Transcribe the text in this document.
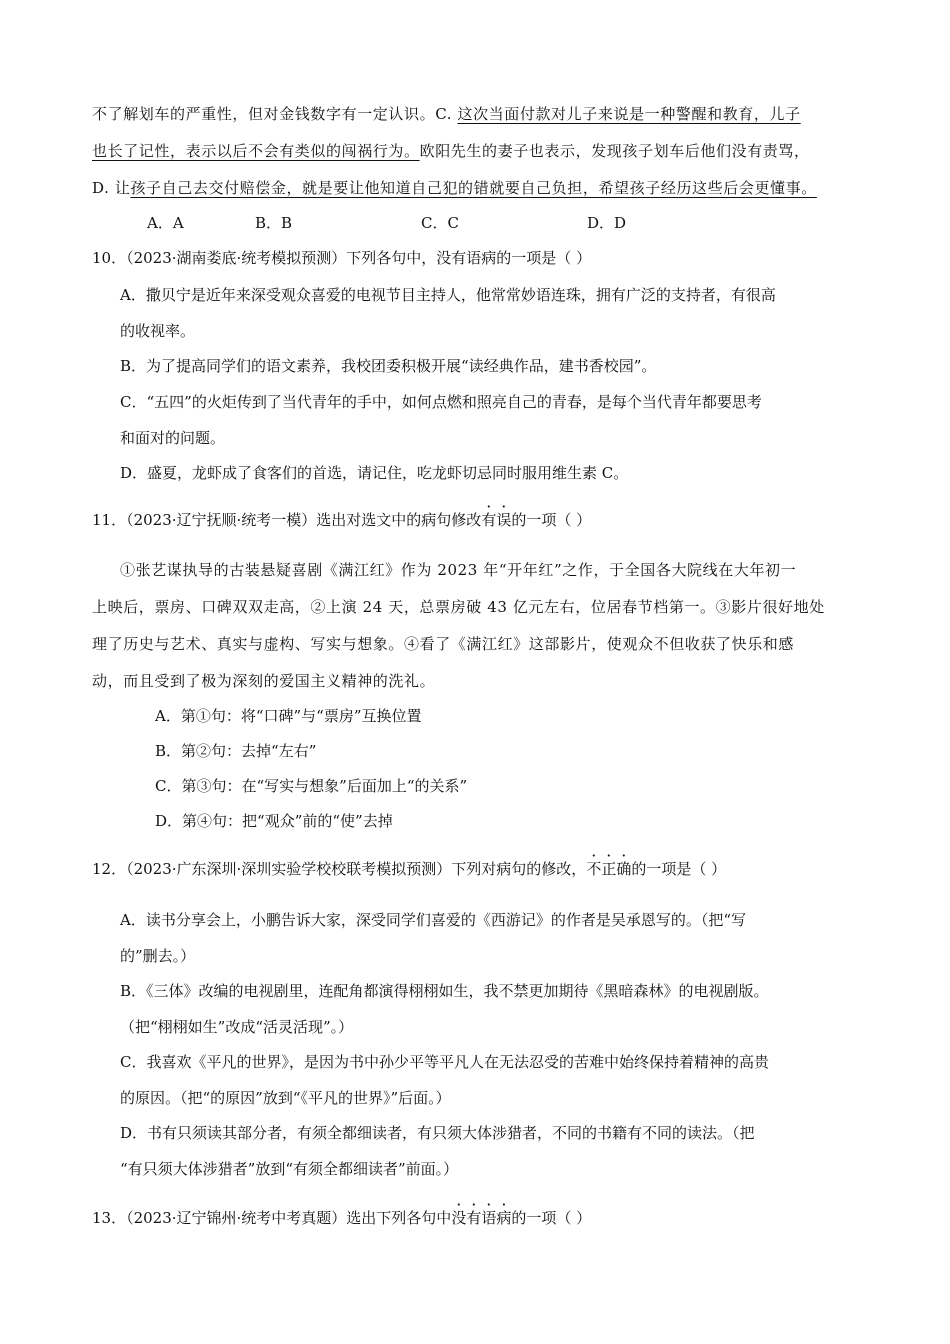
不了解划车的严重性，但对金钱数字有一定认识。C. 这次当面付款对儿子来说是一种警醒和教育，儿子
也长了记性，表示以后不会有类似的闯祸行为。欧阳先生的妻子也表示，发现孩子划车后他们没有责骂，
D. 让孩子自己去交付赔偿金，就是要让他知道自己犯的错就要自己负担，希望孩子经历这些后会更懂事。
A．A	B．B	C．C	D．D
10．（2023·湖南娄底·统考模拟预测）下列各句中，没有语病的一项是（ ）
A．撒贝宁是近年来深受观众喜爱的电视节目主持人，他常常妙语连珠，拥有广泛的支持者，有很高
的收视率。
B．为了提高同学们的语文素养，我校团委积极开展“读经典作品，建书香校园”。
C．“五四”的火炬传到了当代青年的手中，如何点燃和照亮自己的青春，是每个当代青年都要思考
和面对的问题。
D．盛夏，龙虾成了食客们的首选，请记住，吃龙虾切忌同时服用维生素 C。
11．（2023·辽宁抚顺·统考一模）选出对选文中的病句修改有误的一项（ ）
①张艺谋执导的古装悬疑喜剧《满江红》作为 2023 年“开年红”之作，于全国各大院线在大年初一
上映后，票房、口碑双双走高，②上演 24 天，总票房破 43 亿元左右，位居春节档第一。③影片很好地处
理了历史与艺术、真实与虚构、写实与想象。④看了《满江红》这部影片，使观众不但收获了快乐和感
动，而且受到了极为深刻的爱国主义精神的洗礼。
A．第①句：将“口碑”与“票房”互换位置
B．第②句：去掉“左右”
C．第③句：在“写实与想象”后面加上“的关系”
D．第④句：把“观众”前的“使”去掉
12．（2023·广东深圳·深圳实验学校校联考模拟预测）下列对病句的修改，不正确的一项是（ ）
A．读书分享会上，小鹏告诉大家，深受同学们喜爱的《西游记》的作者是吴承恩写的。（把“写
的”删去。）
B．《三体》改编的电视剧里，连配角都演得栩栩如生，我不禁更加期待《黑暗森林》的电视剧版。
（把“栩栩如生”改成“活灵活现”。）
C．我喜欢《平凡的世界》，是因为书中孙少平等平凡人在无法忍受的苦难中始终保持着精神的高贵
的原因。（把“的原因”放到“《平凡的世界》”后面。）
D．书有只须读其部分者，有须全都细读者，有只须大体涉猎者，不同的书籍有不同的读法。（把
“有只须大体涉猎者”放到“有须全都细读者”前面。）
13．（2023·辽宁锦州·统考中考真题）选出下列各句中没有语病的一项（ ）
